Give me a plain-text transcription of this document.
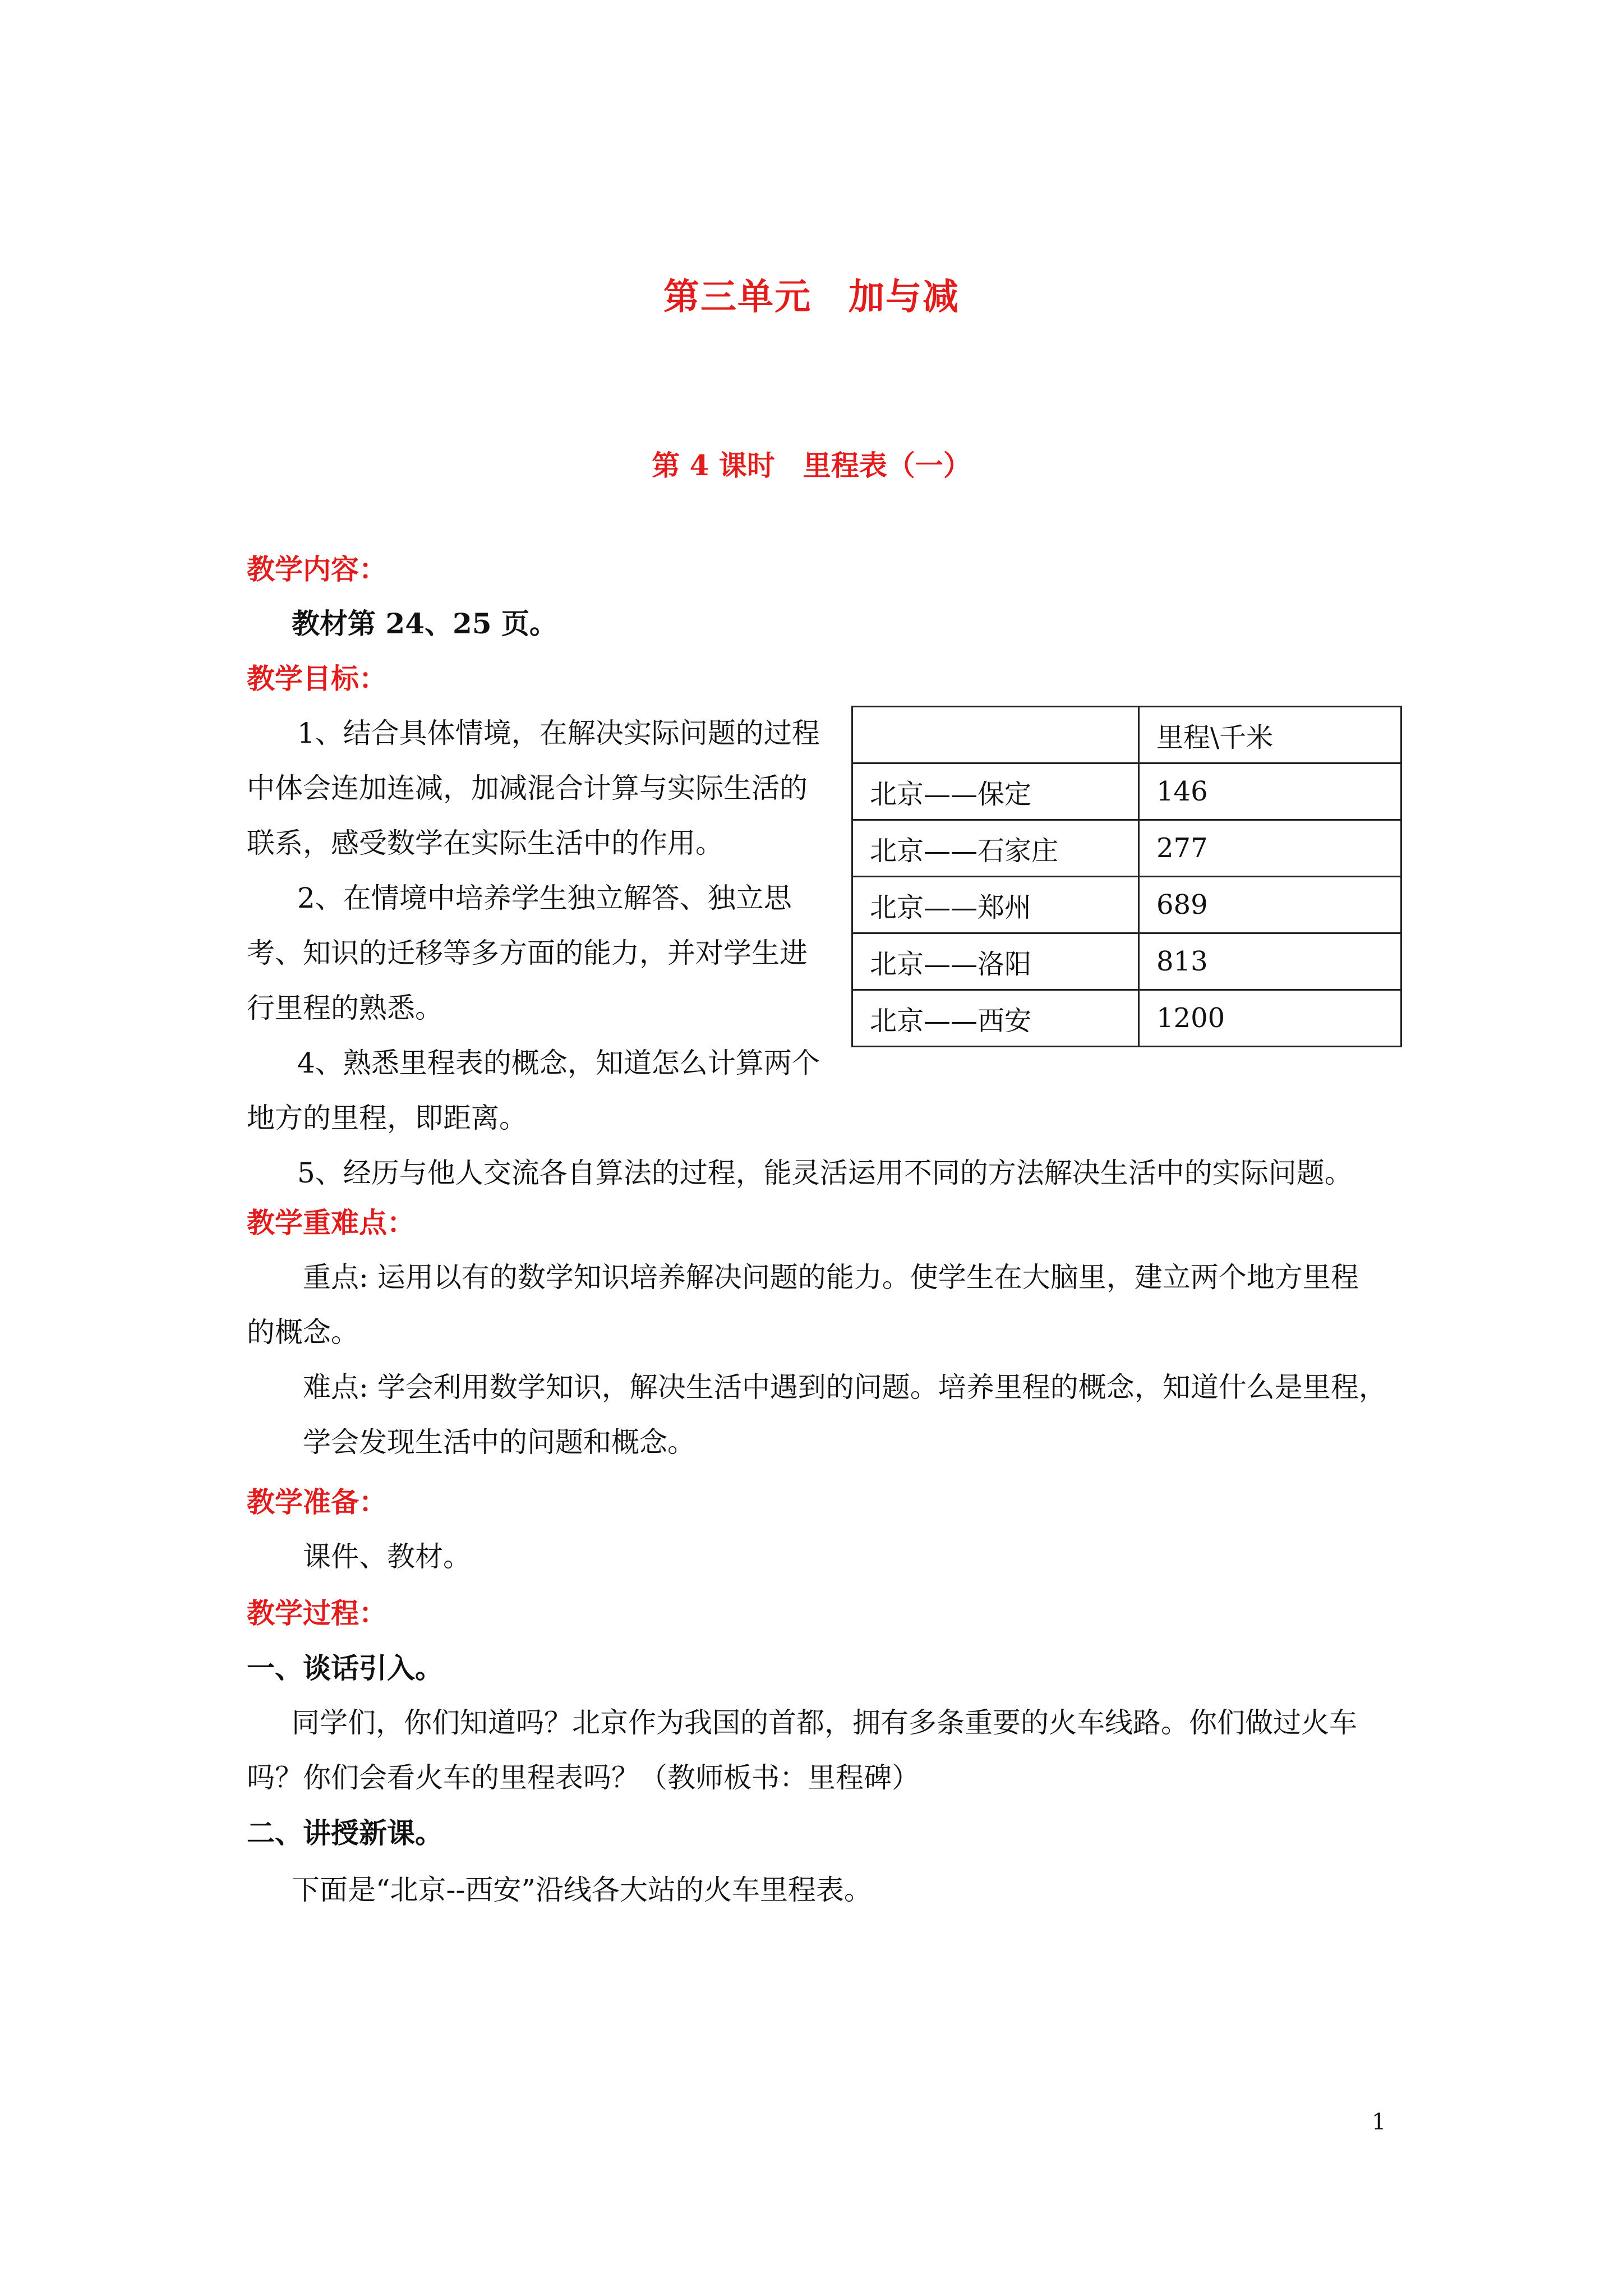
第三单元　加与减
第 4 课时　里程表（一）
教学内容：
教材第 24、25 页。
教学目标：
1、结合具体情境，在解决实际问题的过程
中体会连加连减，加减混合计算与实际生活的
联系，感受数学在实际生活中的作用。
2、在情境中培养学生独立解答、独立思
考、知识的迁移等多方面的能力，并对学生进
行里程的熟悉。
4、熟悉里程表的概念，知道怎么计算两个
地方的里程，即距离。
5、经历与他人交流各自算法的过程，能灵活运用不同的方法解决生活中的实际问题。
	里程\千米
北京——保定	146
北京——石家庄	277
北京——郑州	689
北京——洛阳	813
北京——西安	1200
教学重难点：
重点: 运用以有的数学知识培养解决问题的能力。使学生在大脑里，建立两个地方里程
的概念。
难点: 学会利用数学知识，解决生活中遇到的问题。培养里程的概念，知道什么是里程，
学会发现生活中的问题和概念。
教学准备：
课件、教材。
教学过程：
一、谈话引入。
同学们，你们知道吗？北京作为我国的首都，拥有多条重要的火车线路。你们做过火车
吗？你们会看火车的里程表吗？（教师板书：里程碑）
二、讲授新课。
下面是“北京--西安”沿线各大站的火车里程表。
1
